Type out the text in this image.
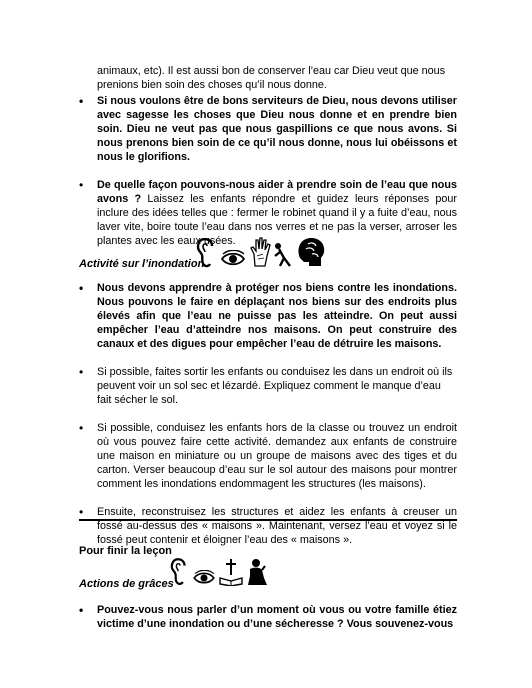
animaux, etc). Il est aussi bon de conserver l’eau car Dieu veut que nous prenions bien soin des choses qu’il nous donne.

• Si nous voulons être de bons serviteurs de Dieu, nous devons utiliser avec sagesse les choses que Dieu nous donne et en prendre bien soin. Dieu ne veut pas que nous gaspillions ce que nous avons. Si nous prenons bien soin de ce qu’il nous donne, nous lui obéissons et nous le glorifions.
• De quelle façon pouvons-nous aider à prendre soin de l’eau que nous avons ? Laissez les enfants répondre et guidez leurs réponses pour inclure des idées telles que : fermer le robinet quand il y a fuite d’eau, nous laver vite, boire toute l’eau dans nos verres et ne pas la verser, arroser les plantes avec les eaux usées.
Activité sur l’inondation
• Nous devons apprendre à protéger nos biens contre les inondations. Nous pouvons le faire en déplaçant nos biens sur des endroits plus élevés afin que l’eau ne puisse pas les atteindre. On peut aussi empêcher l’eau d’atteindre nos maisons. On peut construire des canaux et des digues pour empêcher l’eau de détruire les maisons.
• Si possible, faites sortir les enfants ou conduisez les dans un endroit où ils peuvent voir un sol sec et lézardé. Expliquez comment le manque d’eau fait sécher le sol.
• Si possible, conduisez les enfants hors de la classe ou trouvez un endroit où vous pouvez faire cette activité. demandez aux enfants de construire une maison en miniature ou un groupe de maisons avec des tiges et du carton. Verser beaucoup d’eau sur le sol autour des maisons pour montrer comment les inondations endommagent les structures (les maisons).
• Ensuite, reconstruisez les structures et aidez les enfants à creuser un fossé au-dessus des « maisons ». Maintenant, versez l’eau et voyez si le fossé peut contenir et éloigner l’eau des « maisons ».
Pour finir la leçon
Actions de grâces
• Pouvez-vous nous parler d’un moment où vous ou votre famille étiez victime d’une inondation ou d’une sécheresse ? Vous souvenez-vous
